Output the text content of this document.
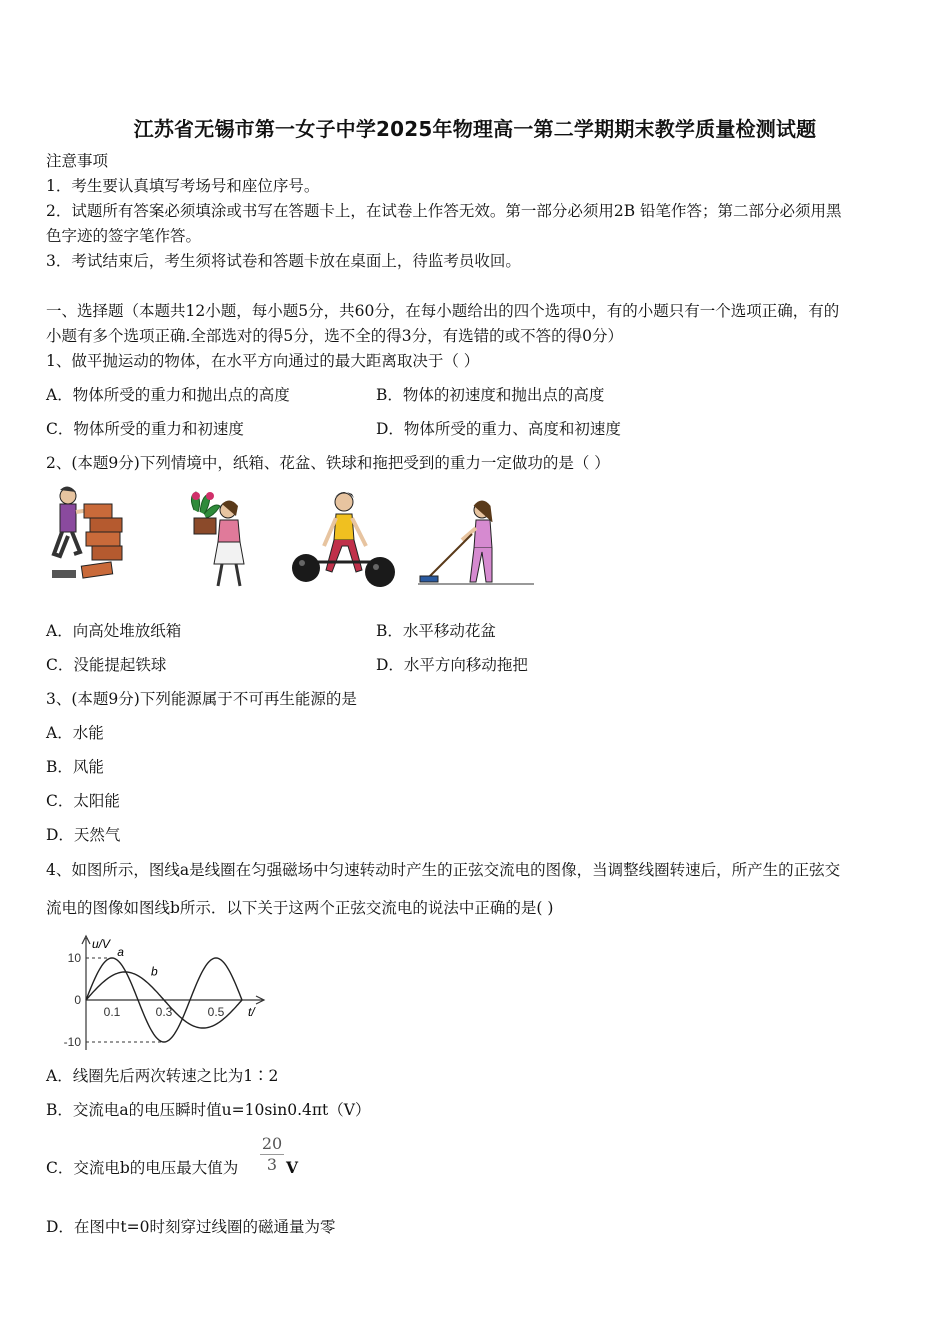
江苏省无锡市第一女子中学2025年物理高一第二学期期末教学质量检测试题
注意事项
1．考生要认真填写考场号和座位序号。
2．试题所有答案必须填涂或书写在答题卡上，在试卷上作答无效。第一部分必须用2B 铅笔作答；第二部分必须用黑
色字迹的签字笔作答。
3．考试结束后，考生须将试卷和答题卡放在桌面上，待监考员收回。
一、选择题（本题共12小题，每小题5分，共60分，在每小题给出的四个选项中，有的小题只有一个选项正确，有的
小题有多个选项正确.全部选对的得5分，选不全的得3分，有选错的或不答的得0分）
1、做平抛运动的物体，在水平方向通过的最大距离取决于（ ）
A．物体所受的重力和抛出点的高度	B．物体的初速度和抛出点的高度
C．物体所受的重力和初速度	D．物体所受的重力、高度和初速度
2、(本题9分)下列情境中，纸箱、花盆、铁球和拖把受到的重力一定做功的是（ ）
A．向高处堆放纸箱	B．水平移动花盆
C．没能提起铁球	D．水平方向移动拖把
3、(本题9分)下列能源属于不可再生能源的是
A．水能
B．风能
C．太阳能
D．天然气
4、如图所示，图线a是线圈在匀强磁场中匀速转动时产生的正弦交流电的图像，当调整线圈转速后，所产生的正弦交
流电的图像如图线b所示．以下关于这两个正弦交流电的说法中正确的是( )
u/V
t/
10
0
-10
0.1	0.3	0.5
a
b
A．线圈先后两次转速之比为1∶2
B．交流电a的电压瞬时值u=10sin0.4πt（V）
C．交流电b的电压最大值为 $\frac{20}{3}$ V
D．在图中t=0时刻穿过线圈的磁通量为零
